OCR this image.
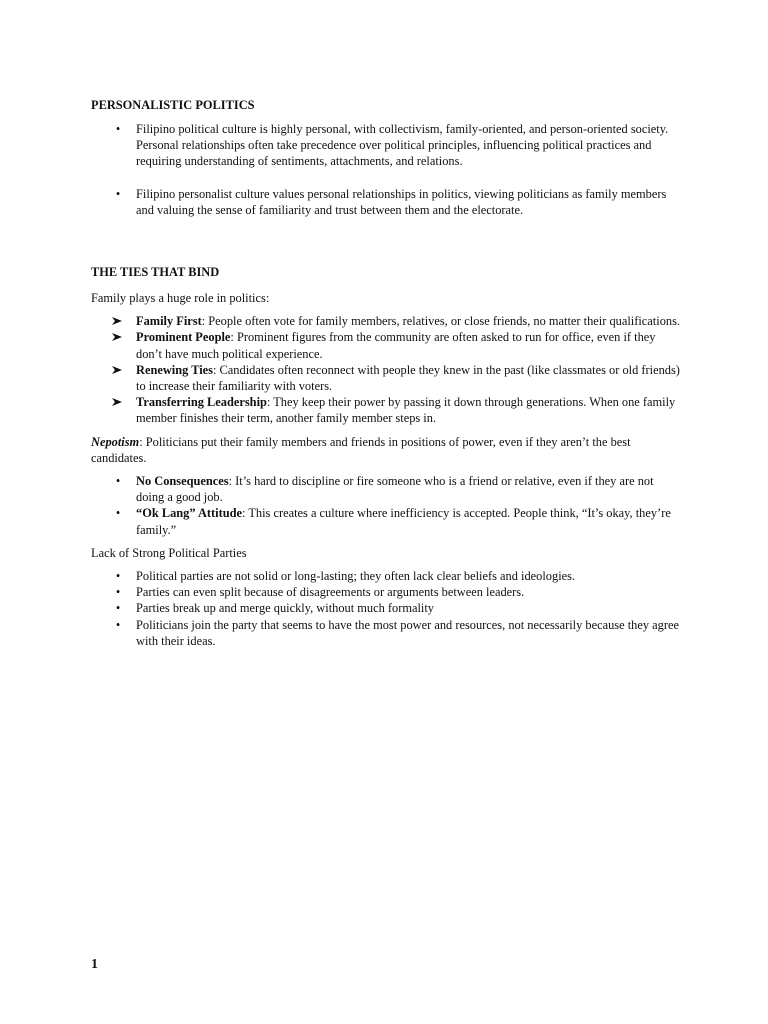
PERSONALISTIC POLITICS
•
Filipino political culture is highly personal, with collectivism, family-oriented, and person-oriented society. Personal relationships often take precedence over political principles, influencing political practices and requiring understanding of sentiments, attachments, and relations.
•
Filipino personalist culture values personal relationships in politics, viewing politicians as family members and valuing the sense of familiarity and trust between them and the electorate.
THE TIES THAT BIND

Family plays a huge role in politics:

Family First: People often vote for family members, relatives, or close friends, no matter their qualifications.
Prominent People: Prominent figures from the community are often asked to run for office, even if they don’t have much political experience.
Renewing Ties: Candidates often reconnect with people they knew in the past (like classmates or old friends) to increase their familiarity with voters.
Transferring Leadership: They keep their power by passing it down through generations. When one family member finishes their term, another family member steps in.

Nepotism: Politicians put their family members and friends in positions of power, even if they aren’t the best candidates.

•
No Consequences: It’s hard to discipline or fire someone who is a friend or relative, even if they are not doing a good job.
•
“Ok Lang” Attitude: This creates a culture where inefficiency is accepted. People think, “It’s okay, they’re family.”

Lack of Strong Political Parties

•
Political parties are not solid or long-lasting; they often lack clear beliefs and ideologies.
•
Parties can even split because of disagreements or arguments between leaders.
•
Parties break up and merge quickly, without much formality
•
Politicians join the party that seems to have the most power and resources, not necessarily because they agree with their ideas.
1
